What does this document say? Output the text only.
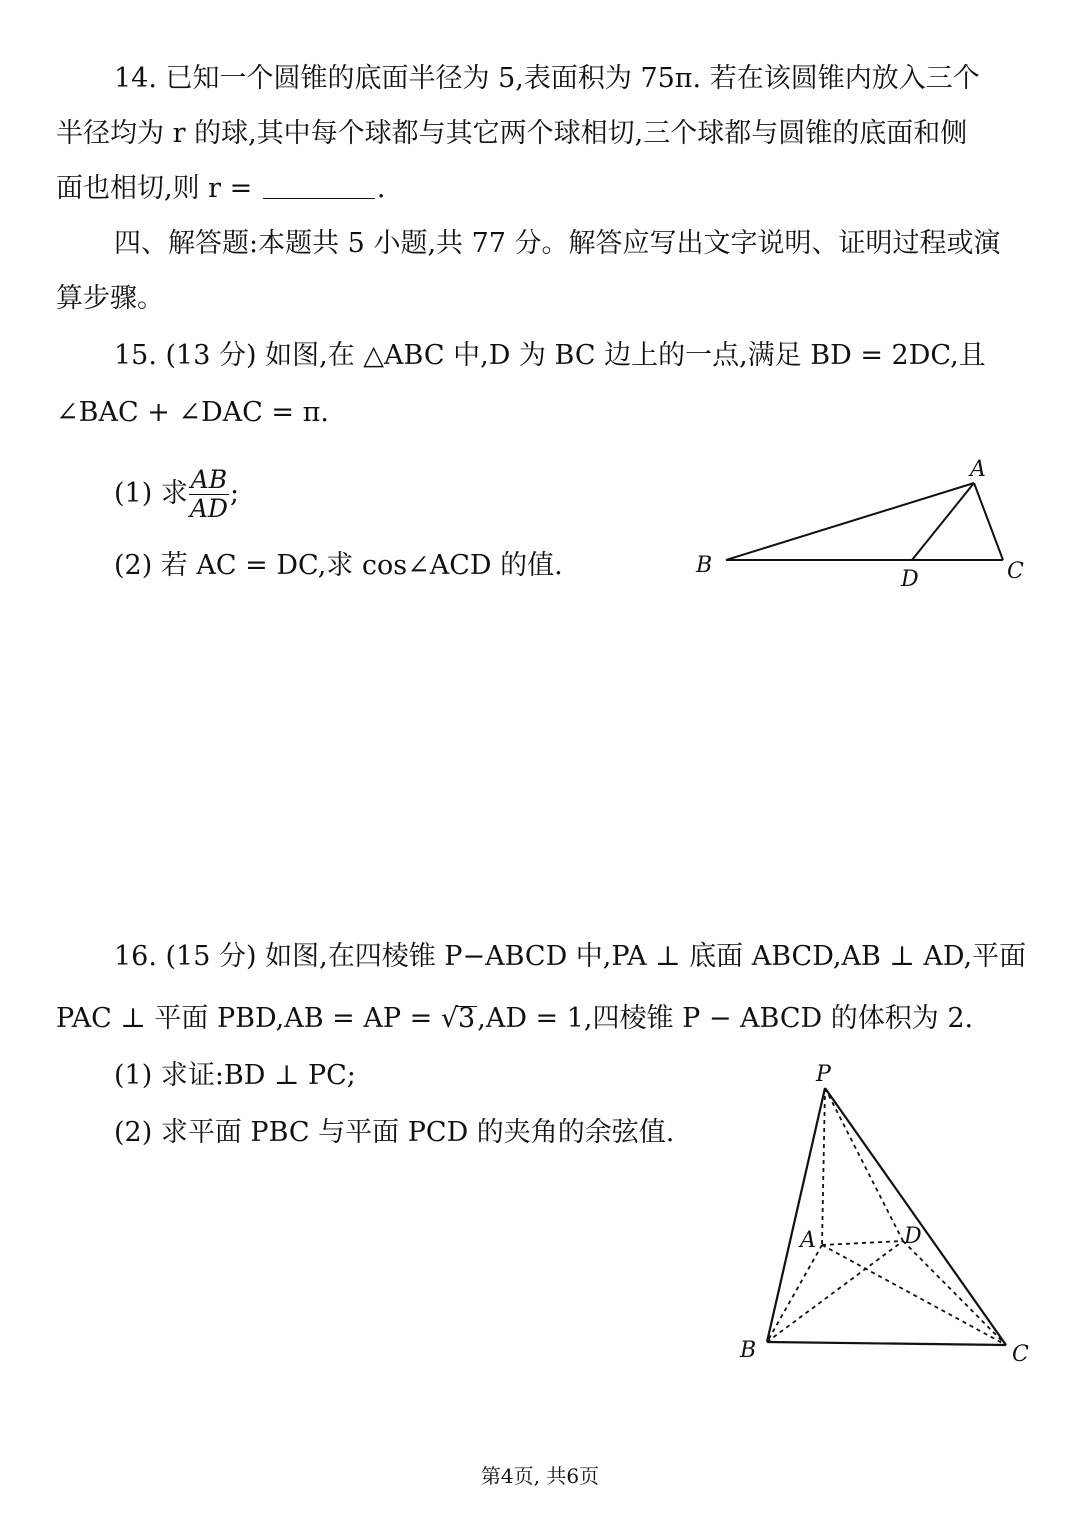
14. 已知一个圆锥的底面半径为 5,表面积为 75π. 若在该圆锥内放入三个
半径均为 r 的球,其中每个球都与其它两个球相切,三个球都与圆锥的底面和侧
面也相切,则 r =	.
四、解答题:本题共 5 小题,共 77 分。解答应写出文字说明、证明过程或演
算步骤。
15. (13 分) 如图,在 △ABC 中,D 为 BC 边上的一点,满足 BD = 2DC,且
∠BAC + ∠DAC = π.
(1) 求 $\frac{AB}{AD}$ ;
(2) 若 AC = DC,求 cos∠ACD 的值.
A
B	C
D
16. (15 分) 如图,在四棱锥 P−ABCD 中,PA ⊥ 底面 ABCD,AB ⊥ AD,平面
PAC ⊥ 平面 PBD,AB = AP = √3,AD = 1,四棱锥 P − ABCD 的体积为 2.
(1) 求证:BD ⊥ PC;
(2) 求平面 PBC 与平面 PCD 的夹角的余弦值.
P
A	D
B	C
第4页, 共6页
